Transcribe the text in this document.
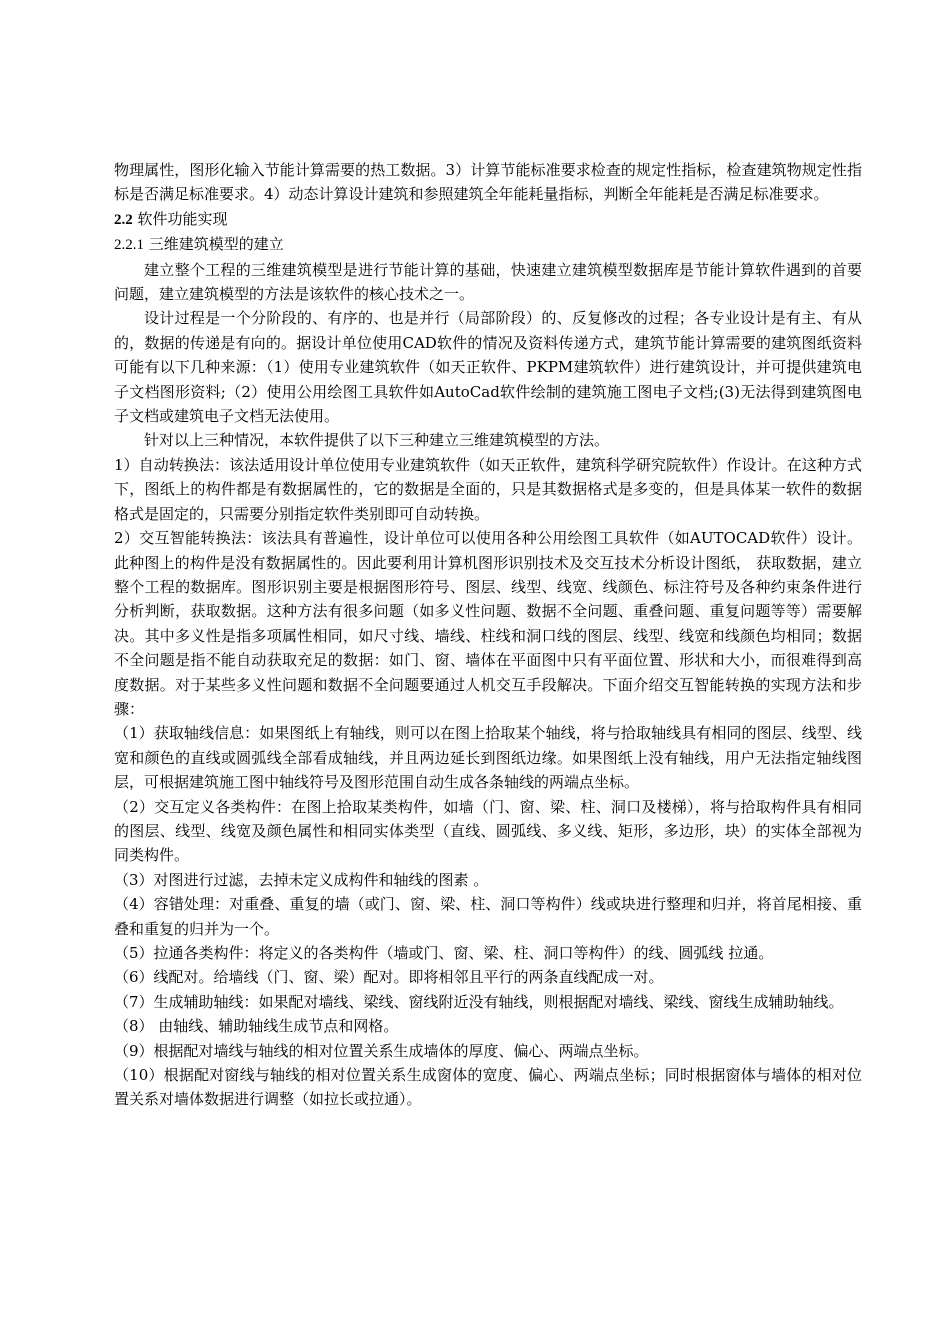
物理属性，图形化输入节能计算需要的热工数据。3）计算节能标准要求检查的规定性指标，检查建筑物规定性指标是否满足标准要求。4）动态计算设计建筑和参照建筑全年能耗量指标，判断全年能耗是否满足标准要求。

2.2 软件功能实现

2.2.1 三维建筑模型的建立

建立整个工程的三维建筑模型是进行节能计算的基础，快速建立建筑模型数据库是节能计算软件遇到的首要问题，建立建筑模型的方法是该软件的核心技术之一。

设计过程是一个分阶段的、有序的、也是并行（局部阶段）的、反复修改的过程；各专业设计是有主、有从的，数据的传递是有向的。据设计单位使用CAD软件的情况及资料传递方式，建筑节能计算需要的建筑图纸资料可能有以下几种来源：（1）使用专业建筑软件（如天正软件、PKPM建筑软件）进行建筑设计，并可提供建筑电子文档图形资料;（2）使用公用绘图工具软件如AutoCad软件绘制的建筑施工图电子文档;(3)无法得到建筑图电子文档或建筑电子文档无法使用。

针对以上三种情况，本软件提供了以下三种建立三维建筑模型的方法。

1）自动转换法：该法适用设计单位使用专业建筑软件（如天正软件，建筑科学研究院软件）作设计。在这种方式下，图纸上的构件都是有数据属性的，它的数据是全面的，只是其数据格式是多变的，但是具体某一软件的数据格式是固定的，只需要分别指定软件类别即可自动转换。

2）交互智能转换法：该法具有普遍性，设计单位可以使用各种公用绘图工具软件（如AUTOCAD软件）设计。此种图上的构件是没有数据属性的。因此要利用计算机图形识别技术及交互技术分析设计图纸， 获取数据，建立整个工程的数据库。图形识别主要是根据图形符号、图层、线型、线宽、线颜色、标注符号及各种约束条件进行分析判断，获取数据。这种方法有很多问题（如多义性问题、数据不全问题、重叠问题、重复问题等等）需要解决。其中多义性是指多项属性相同，如尺寸线、墙线、柱线和洞口线的图层、线型、线宽和线颜色均相同；数据不全问题是指不能自动获取充足的数据：如门、窗、墙体在平面图中只有平面位置、形状和大小，而很难得到高度数据。对于某些多义性问题和数据不全问题要通过人机交互手段解决。下面介绍交互智能转换的实现方法和步骤：

（1）获取轴线信息：如果图纸上有轴线，则可以在图上拾取某个轴线，将与拾取轴线具有相同的图层、线型、线宽和颜色的直线或圆弧线全部看成轴线，并且两边延长到图纸边缘。如果图纸上没有轴线，用户无法指定轴线图层，可根据建筑施工图中轴线符号及图形范围自动生成各条轴线的两端点坐标。

（2）交互定义各类构件：在图上拾取某类构件，如墙（门、窗、梁、柱、洞口及楼梯），将与拾取构件具有相同的图层、线型、线宽及颜色属性和相同实体类型（直线、圆弧线、多义线、矩形，多边形，块）的实体全部视为同类构件。

（3）对图进行过滤，去掉未定义成构件和轴线的图素 。

（4）容错处理：对重叠、重复的墙（或门、窗、梁、柱、洞口等构件）线或块进行整理和归并，将首尾相接、重叠和重复的归并为一个。

（5）拉通各类构件：将定义的各类构件（墙或门、窗、梁、柱、洞口等构件）的线、圆弧线 拉通。

（6）线配对。给墙线（门、窗、梁）配对。即将相邻且平行的两条直线配成一对。

（7）生成辅助轴线：如果配对墙线、梁线、窗线附近没有轴线，则根据配对墙线、梁线、窗线生成辅助轴线。

（8） 由轴线、辅助轴线生成节点和网格。

（9）根据配对墙线与轴线的相对位置关系生成墙体的厚度、偏心、两端点坐标。

（10）根据配对窗线与轴线的相对位置关系生成窗体的宽度、偏心、两端点坐标；同时根据窗体与墙体的相对位置关系对墙体数据进行调整（如拉长或拉通）。
